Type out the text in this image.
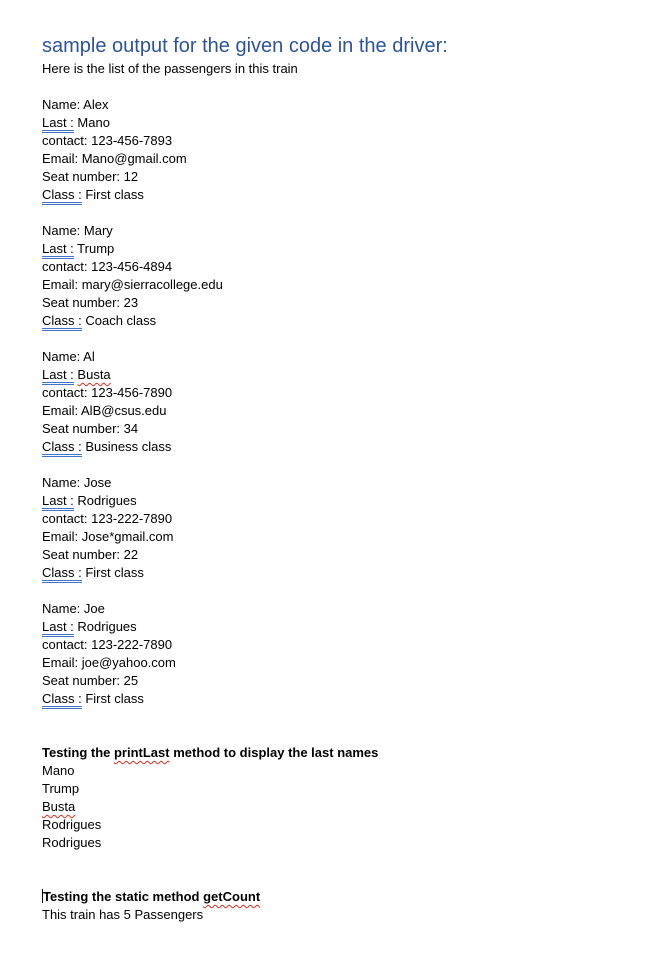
sample output for the given code in the driver:
Here is the list of the passengers in this train
Name: Alex
Last : Mano
contact: 123-456-7893
Email: Mano@gmail.com
Seat number: 12
Class : First class
Name: Mary
Last : Trump
contact: 123-456-4894
Email: mary@sierracollege.edu
Seat number: 23
Class : Coach class
Name: Al
Last : Busta
contact: 123-456-7890
Email: AlB@csus.edu
Seat number: 34
Class : Business class
Name: Jose
Last : Rodrigues
contact: 123-222-7890
Email: Jose*gmail.com
Seat number: 22
Class : First class
Name: Joe
Last : Rodrigues
contact: 123-222-7890
Email: joe@yahoo.com
Seat number: 25
Class : First class
Testing the printLast method to display the last names
Mano
Trump
Busta
Rodrigues
Rodrigues
Testing the static method getCount
This train has 5 Passengers
